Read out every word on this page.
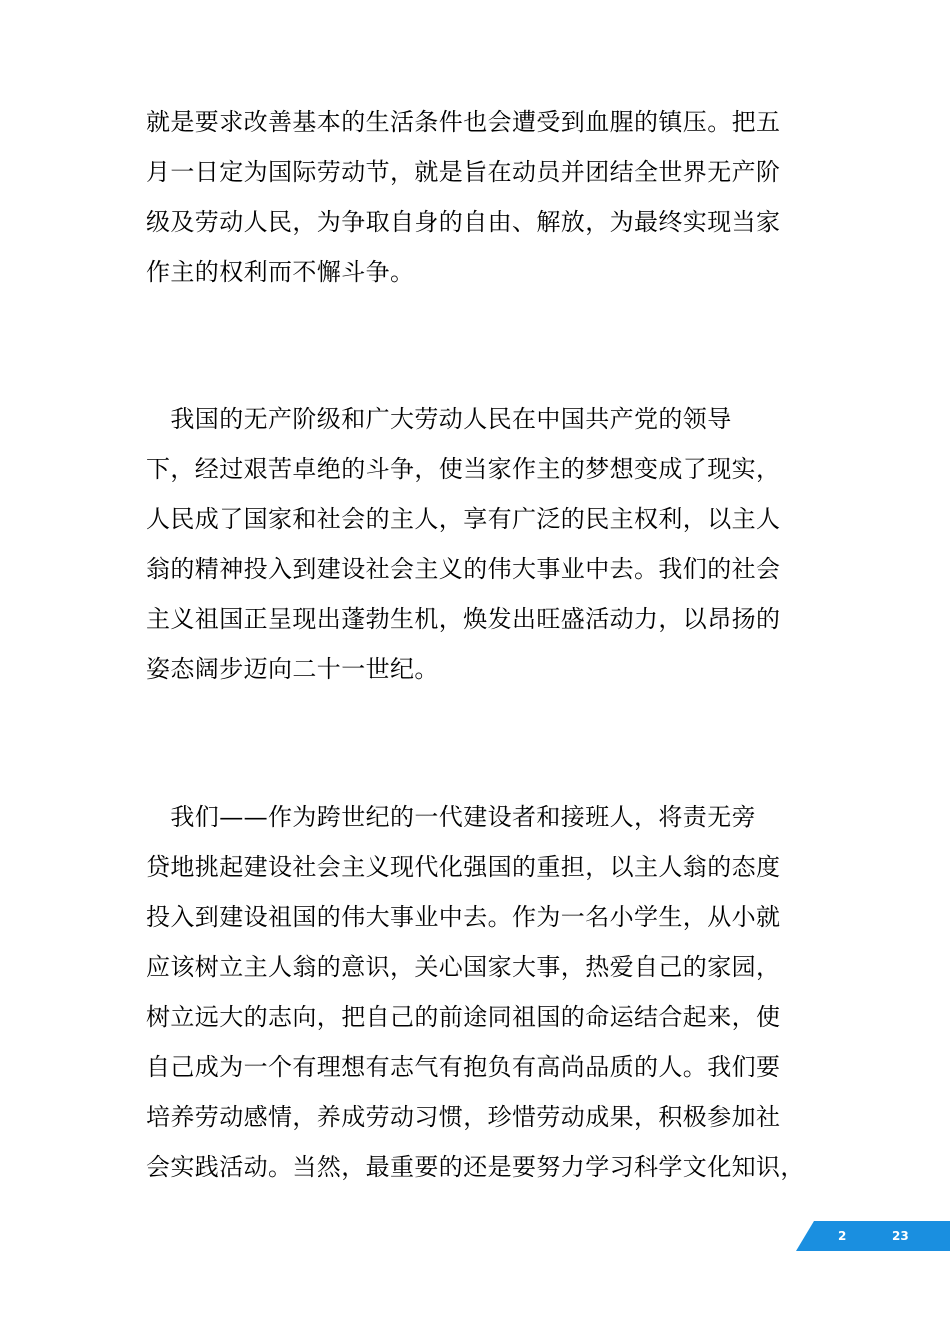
就是要求改善基本的生活条件也会遭受到血腥的镇压。把五
月一日定为国际劳动节，就是旨在动员并团结全世界无产阶
级及劳动人民，为争取自身的自由、解放，为最终实现当家
作主的权利而不懈斗争。
　我国的无产阶级和广大劳动人民在中国共产党的领导
下，经过艰苦卓绝的斗争，使当家作主的梦想变成了现实，
人民成了国家和社会的主人，享有广泛的民主权利，以主人
翁的精神投入到建设社会主义的伟大事业中去。我们的社会
主义祖国正呈现出蓬勃生机，焕发出旺盛活动力，以昂扬的
姿态阔步迈向二十一世纪。
　我们——作为跨世纪的一代建设者和接班人，将责无旁
贷地挑起建设社会主义现代化强国的重担，以主人翁的态度
投入到建设祖国的伟大事业中去。作为一名小学生，从小就
应该树立主人翁的意识，关心国家大事，热爱自己的家园，
树立远大的志向，把自己的前途同祖国的命运结合起来，使
自己成为一个有理想有志气有抱负有高尚品质的人。我们要
培养劳动感情，养成劳动习惯，珍惜劳动成果，积极参加社
会实践活动。当然，最重要的还是要努力学习科学文化知识，
2	23
